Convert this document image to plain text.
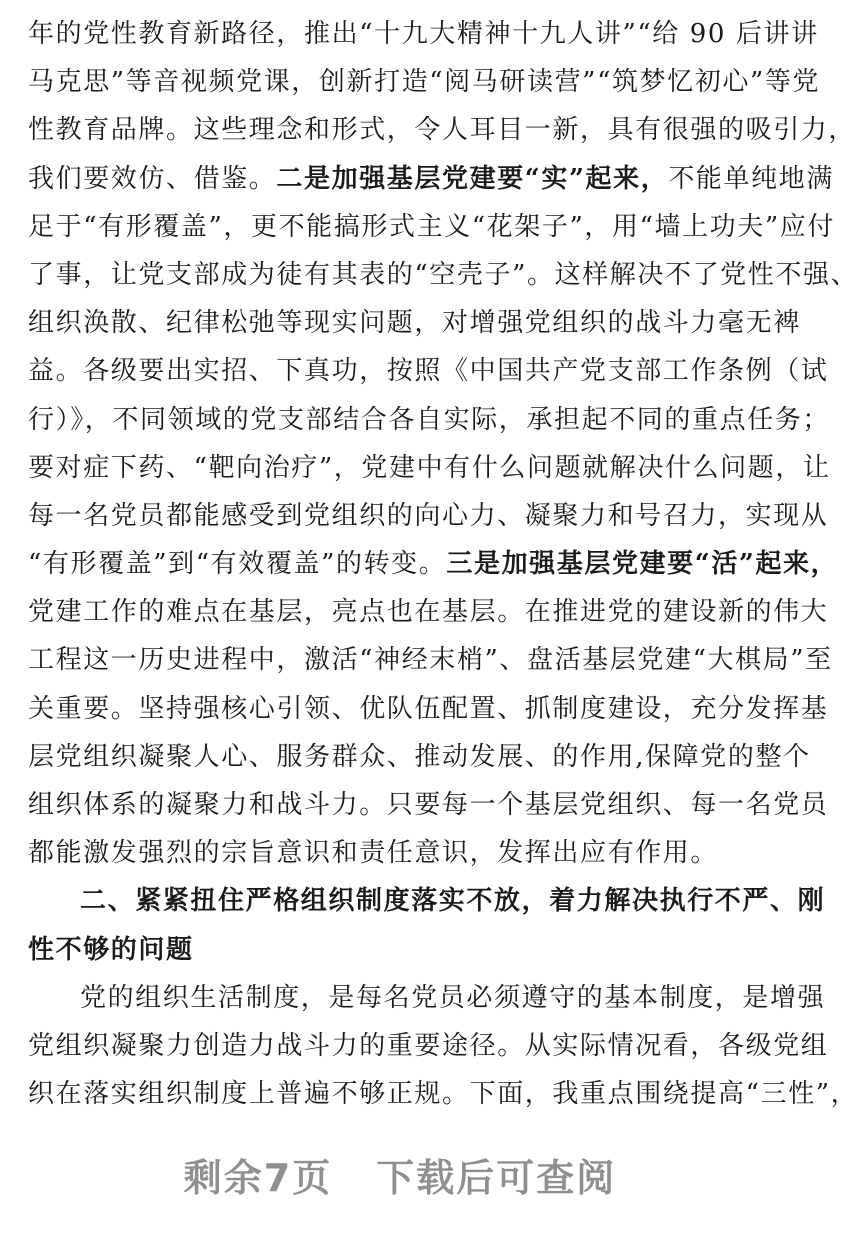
年的党性教育新路径，推出“十九大精神十九人讲”“给 90 后讲讲
马克思”等音视频党课，创新打造“阅马研读营”“筑梦忆初心”等党
性教育品牌。这些理念和形式，令人耳目一新，具有很强的吸引力，
我们要效仿、借鉴。二是加强基层党建要“实”起来，不能单纯地满
足于“有形覆盖”，更不能搞形式主义“花架子”，用“墙上功夫”应付
了事，让党支部成为徒有其表的“空壳子”。这样解决不了党性不强、
组织涣散、纪律松弛等现实问题，对增强党组织的战斗力毫无裨
益。各级要出实招、下真功，按照《中国共产党支部工作条例（试
行）》，不同领域的党支部结合各自实际，承担起不同的重点任务；
要对症下药、“靶向治疗”，党建中有什么问题就解决什么问题，让
每一名党员都能感受到党组织的向心力、凝聚力和号召力，实现从
“有形覆盖”到“有效覆盖”的转变。三是加强基层党建要“活”起来，
党建工作的难点在基层，亮点也在基层。在推进党的建设新的伟大
工程这一历史进程中，激活“神经末梢”、盘活基层党建“大棋局”至
关重要。坚持强核心引领、优队伍配置、抓制度建设，充分发挥基
层党组织凝聚人心、服务群众、推动发展、的作用,保障党的整个
组织体系的凝聚力和战斗力。只要每一个基层党组织、每一名党员
都能激发强烈的宗旨意识和责任意识，发挥出应有作用。
二、紧紧扭住严格组织制度落实不放，着力解决执行不严、刚
性不够的问题
党的组织生活制度，是每名党员必须遵守的基本制度，是增强
党组织凝聚力创造力战斗力的重要途径。从实际情况看，各级党组
织在落实组织制度上普遍不够正规。下面，我重点围绕提高“三性”，
剩余7页 下载后可查阅
